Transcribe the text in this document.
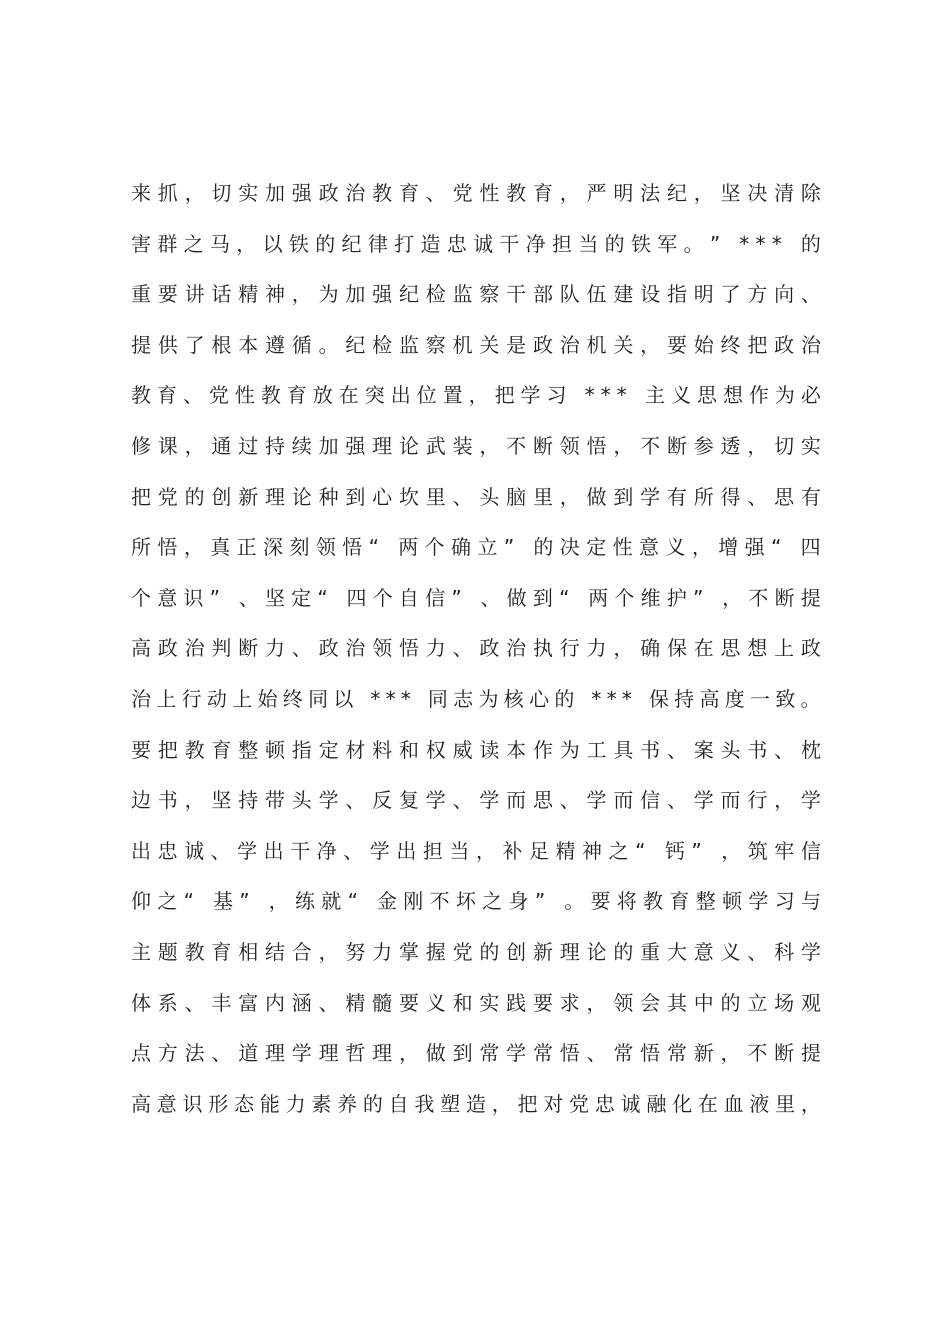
来 抓 ， 切 实 加 强 政 治 教 育 、 党 性 教 育 ， 严 明 法 纪 ， 坚 决 清 除
害 群 之 马 ， 以 铁 的 纪 律 打 造 忠 诚 干 净 担 当 的 铁 军 。 ”
* * *
的
重 要 讲 话 精 神 ， 为 加 强 纪 检 监 察 干 部 队 伍 建 设 指 明 了 方 向 、
提 供 了 根 本 遵 循 。 纪 检 监 察 机 关 是 政 治 机 关 ， 要 始 终 把 政 治
教 育 、 党 性 教 育 放 在 突 出 位 置 ， 把 学 习
* * *
主 义 思 想 作 为 必
修 课 ， 通 过 持 续 加 强 理 论 武 装 ， 不 断 领 悟 ， 不 断 参 透 ， 切 实
把 党 的 创 新 理 论 种 到 心 坎 里 、 头 脑 里 ， 做 到 学 有 所 得 、 思 有
所 悟 ， 真 正 深 刻 领 悟 “
两 个 确 立 ”
的 决 定 性 意 义 ， 增 强 “
四
个 意 识 ”
、 坚 定 “
四 个 自 信 ”
、 做 到 “
两 个 维 护 ”
， 不 断 提
高 政 治 判 断 力 、 政 治 领 悟 力 、 政 治 执 行 力 ， 确 保 在 思 想 上 政
治 上 行 动 上 始 终 同 以
* * *
同 志 为 核 心 的
* * *
保 持 高 度 一 致 。
要 把 教 育 整 顿 指 定 材 料 和 权 威 读 本 作 为 工 具 书 、 案 头 书 、 枕
边 书 ， 坚 持 带 头 学 、 反 复 学 、 学 而 思 、 学 而 信 、 学 而 行 ， 学
出 忠 诚 、 学 出 干 净 、 学 出 担 当 ， 补 足 精 神 之 “
钙 ”
， 筑 牢 信
仰 之 “
基 ”
， 练 就 “
金 刚 不 坏 之 身 ”
。 要 将 教 育 整 顿 学 习 与
主 题 教 育 相 结 合 ， 努 力 掌 握 党 的 创 新 理 论 的 重 大 意 义 、 科 学
体 系 、 丰 富 内 涵 、 精 髓 要 义 和 实 践 要 求 ， 领 会 其 中 的 立 场 观
点 方 法 、 道 理 学 理 哲 理 ， 做 到 常 学 常 悟 、 常 悟 常 新 ， 不 断 提
高 意 识 形 态 能 力 素 养 的 自 我 塑 造 ， 把 对 党 忠 诚 融 化 在 血 液 里 ，
